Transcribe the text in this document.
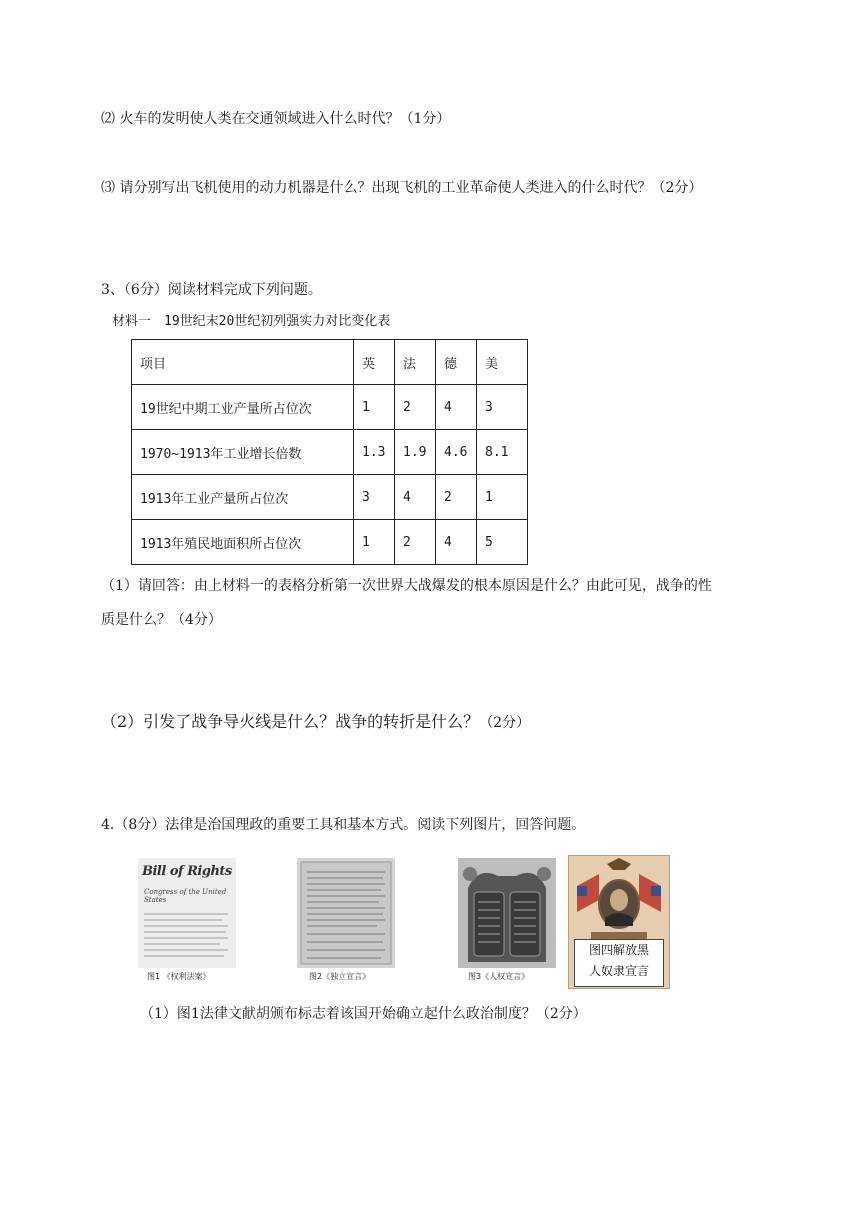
⑵ 火车的发明使人类在交通领域进入什么时代？（1分）
⑶ 请分别写出飞机使用的动力机器是什么？出现飞机的工业革命使人类进入的什么时代？（2分）
3、（6分）阅读材料完成下列问题。
材料一　19世纪末20世纪初列强实力对比变化表
项目	英	法	德	美
19世纪中期工业产量所占位次	1	2	4	3
1970~1913年工业增长倍数	1.3	1.9	4.6	8.1
1913年工业产量所占位次	3	4	2	1
1913年殖民地面积所占位次	1	2	4	5
（1）请回答：由上材料一的表格分析第一次世界大战爆发的根本原因是什么？由此可见，战争的性
质是什么？（4分）
（2）引发了战争导火线是什么？战争的转折是什么？（2分）
4.（8分）法律是治国理政的重要工具和基本方式。阅读下列图片，回答问题。
Bill of Rights
Congress of the United States
图1 《权利法案》	图2《独立宣言》	图3《人权宣言》
图四解放黑
人奴隶宣言
（1）图1法律文献胡颁布标志着该国开始确立起什么政治制度？（2分）
